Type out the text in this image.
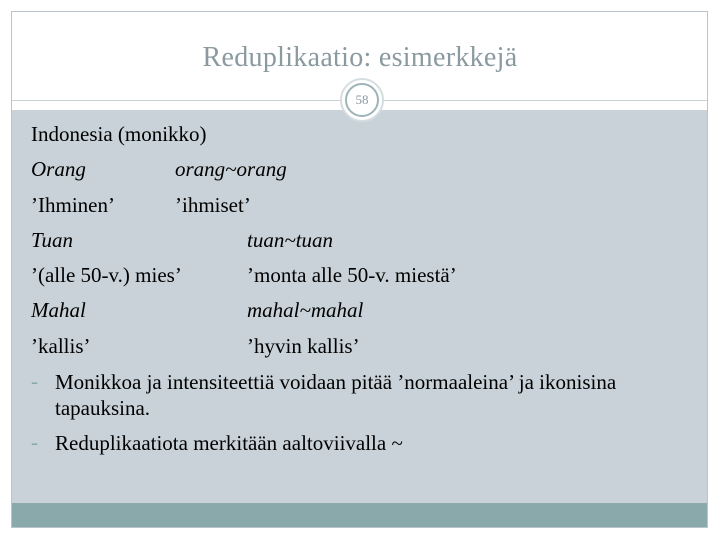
Reduplikaatio: esimerkkejä
58
Indonesia (monikko)
Orang	orang~orang
’Ihminen’	’ihmiset’
Tuan	tuan~tuan
’(alle 50-v.) mies’	’monta alle 50-v. miestä’
Mahal	mahal~mahal
’kallis’	’hyvin kallis’
- Monikkoa ja intensiteettiä voidaan pitää ’normaaleina’ ja ikonisina tapauksina.
- Reduplikaatiota merkitään aaltoviivalla ~
